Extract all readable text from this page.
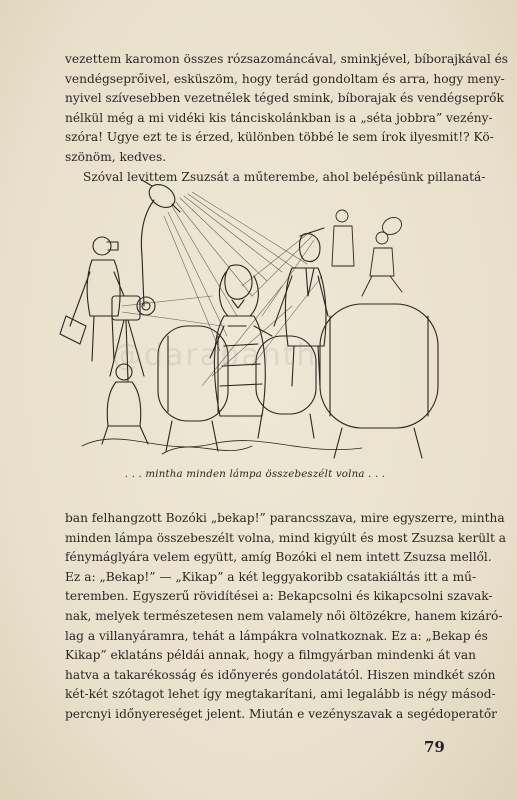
vezettem karomon összes rózsazománcával, sminkjével, bíborajkával és
vendégseprőivel, esküszöm, hogy terád gondoltam és arra, hogy meny-
nyivel szívesebben vezetnélek téged smink, bíborajak és vendégseprők
nélkül még a mi vidéki kis tánciskolánkban is a „séta jobbra” vezény-
szóra! Ugye ezt te is érzed, különben többé le sem írok ilyesmit!? Kö-
szönöm, kedves.
Szóval levittem Zsuzsát a műterembe, ahol belépésünk pillanatá-
@darabanth
. . . mintha minden lámpa összebeszélt volna . . .
ban felhangzott Bozóki „bekap!” parancsszava, mire egyszerre, mintha
minden lámpa összebeszélt volna, mind kigyúlt és most Zsuzsa került a
fénymáglyára velem együtt, amíg Bozóki el nem intett Zsuzsa mellől.
Ez a: „Bekap!” — „Kikap” a két leggyakoribb csatakiáltás itt a mű-
teremben. Egyszerű rövidítései a: Bekapcsolni és kikapcsolni szavak-
nak, melyek természetesen nem valamely női öltözékre, hanem kizáró-
lag a villanyáramra, tehát a lámpákra volnatkoznak. Ez a: „Bekap és
Kikap” eklatáns példái annak, hogy a filmgyárban mindenki át van
hatva a takarékosság és időnyerés gondolatától. Hiszen mindkét szón
két-két szótagot lehet így megtakarítani, ami legalább is négy másod-
percnyi időnyereséget jelent. Miután e vezényszavak a segédoperatőr
79
